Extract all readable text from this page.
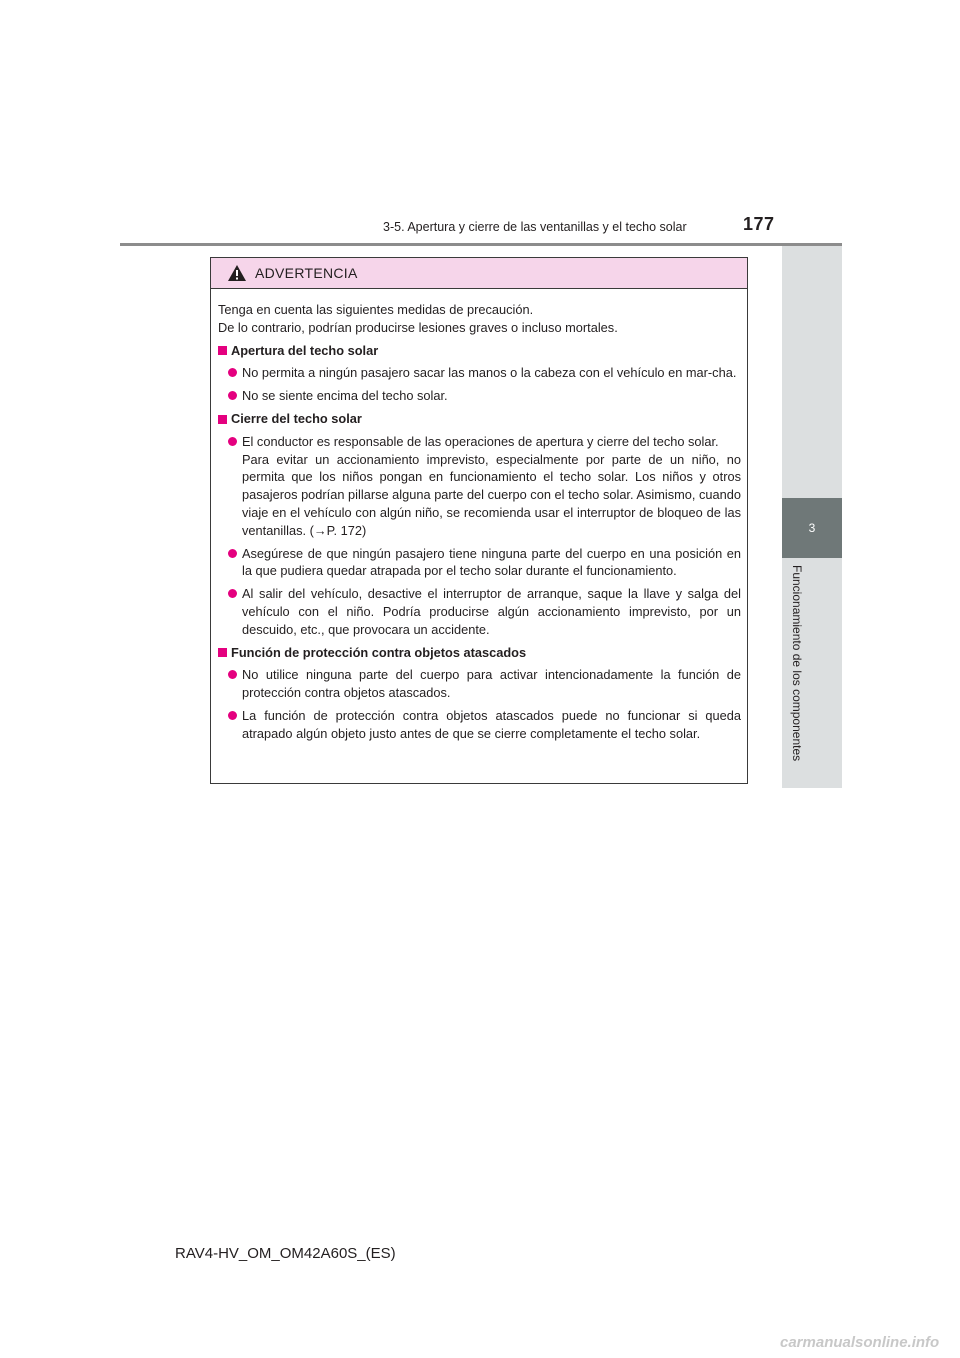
3-5. Apertura y cierre de las ventanillas y el techo solar	177
3
Funcionamiento de los componentes
ADVERTENCIA

Tenga en cuenta las siguientes medidas de precaución.

De lo contrario, podrían producirse lesiones graves o incluso mortales.

Apertura del techo solar
No permita a ningún pasajero sacar las manos o la cabeza con el vehículo en mar-cha.
No se siente encima del techo solar.
Cierre del techo solar
El conductor es responsable de las operaciones de apertura y cierre del techo solar.
Para evitar un accionamiento imprevisto, especialmente por parte de un niño, no permita que los niños pongan en funcionamiento el techo solar. Los niños y otros pasajeros podrían pillarse alguna parte del cuerpo con el techo solar. Asimismo, cuando viaje en el vehículo con algún niño, se recomienda usar el interruptor de bloqueo de las ventanillas. (→P. 172)
Asegúrese de que ningún pasajero tiene ninguna parte del cuerpo en una posición en la que pudiera quedar atrapada por el techo solar durante el funcionamiento.
Al salir del vehículo, desactive el interruptor de arranque, saque la llave y salga del vehículo con el niño. Podría producirse algún accionamiento imprevisto, por un descuido, etc., que provocara un accidente.
Función de protección contra objetos atascados
No utilice ninguna parte del cuerpo para activar intencionadamente la función de protección contra objetos atascados.
La función de protección contra objetos atascados puede no funcionar si queda atrapado algún objeto justo antes de que se cierre completamente el techo solar.
RAV4-HV_OM_OM42A60S_(ES)
carmanualsonline.info
